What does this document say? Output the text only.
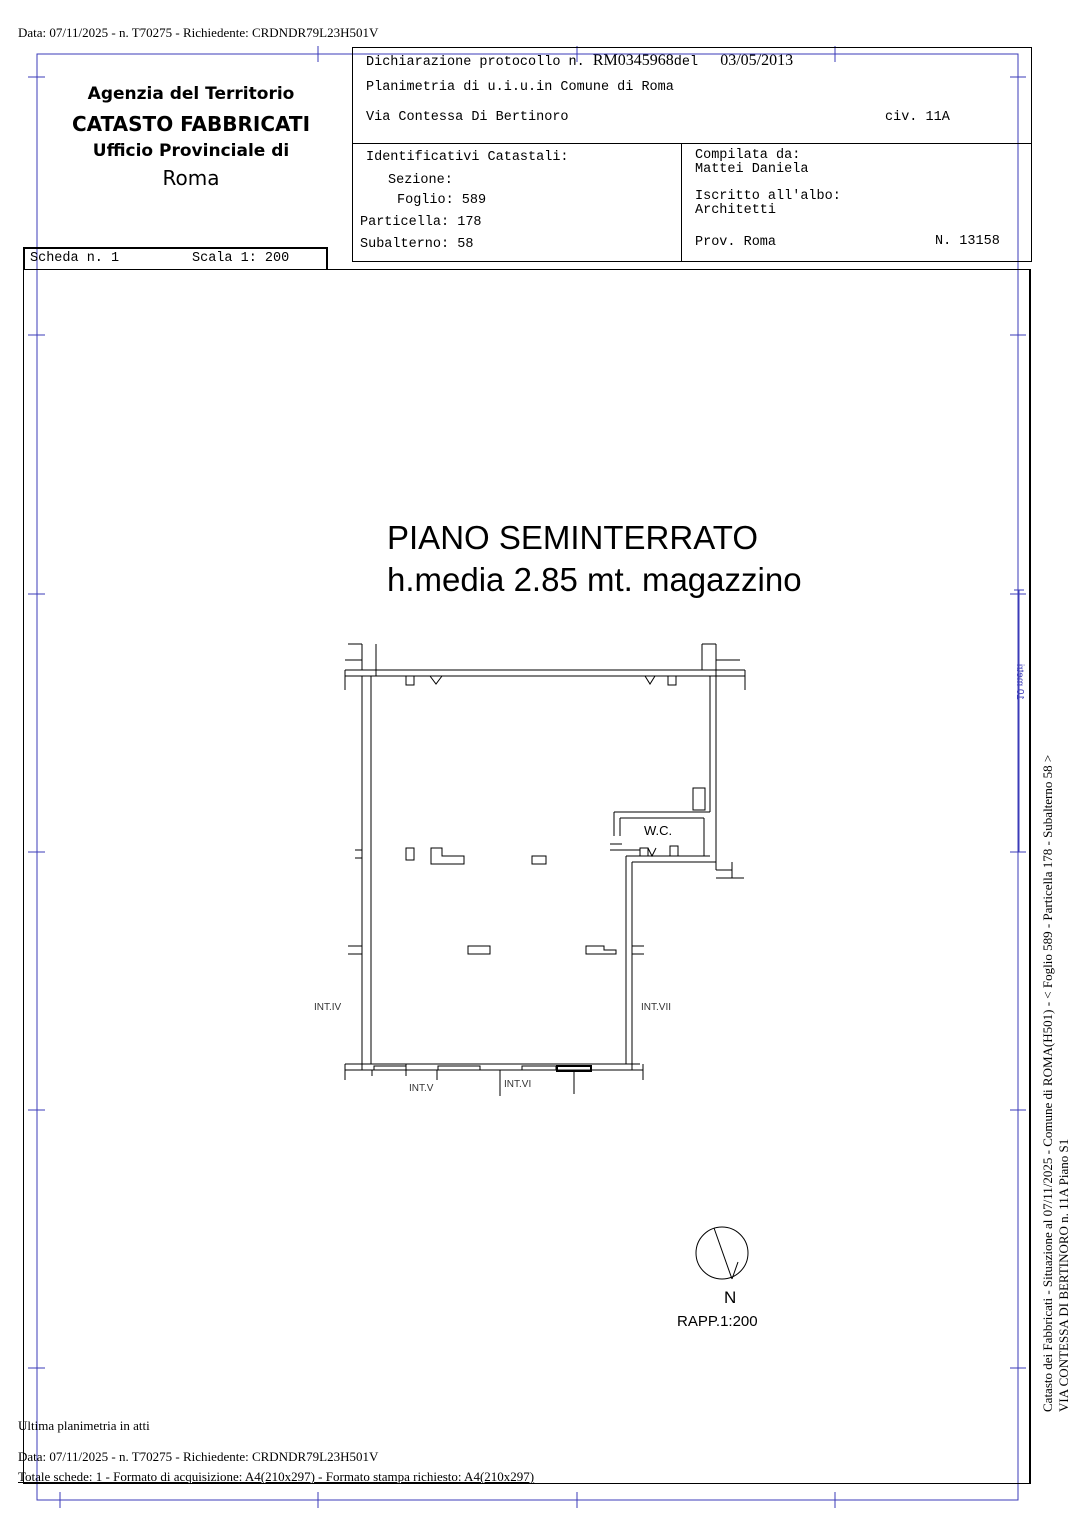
Data: 07/11/2025 - n. T70275 - Richiedente: CRDNDR79L23H501V
Agenzia del Territorio
CATASTO FABBRICATI
Ufficio Provinciale di
Roma
Dichiarazione protocollo n. RM0345968del 03/05/2013
Planimetria di u.i.u.in Comune di Roma
Via Contessa Di Bertinoro	civ. 11A
Identificativi Catastali:
Sezione:
Foglio: 589
Particella: 178
Subalterno: 58
Compilata da:
Mattei Daniela
Iscritto all'albo:
Architetti
Prov. Roma	N. 13158
Scheda n. 1	Scala 1: 200
PIANO SEMINTERRATO
h.media 2.85 mt. magazzino
W.C.
INT.IV
INT.V	INT.VI
INT.VII
N
RAPP.1:200
10 metri
Catasto dei Fabbricati - Situazione al 07/11/2025 - Comune di ROMA(H501) - < Foglio 589 - Particella 178 - Subalterno 58 > VIA CONTESSA DI BERTINORO n. 11A Piano S1
Ultima planimetria in atti
Data: 07/11/2025 - n. T70275 - Richiedente: CRDNDR79L23H501V
Totale schede: 1 - Formato di acquisizione: A4(210x297) - Formato stampa richiesto: A4(210x297)
